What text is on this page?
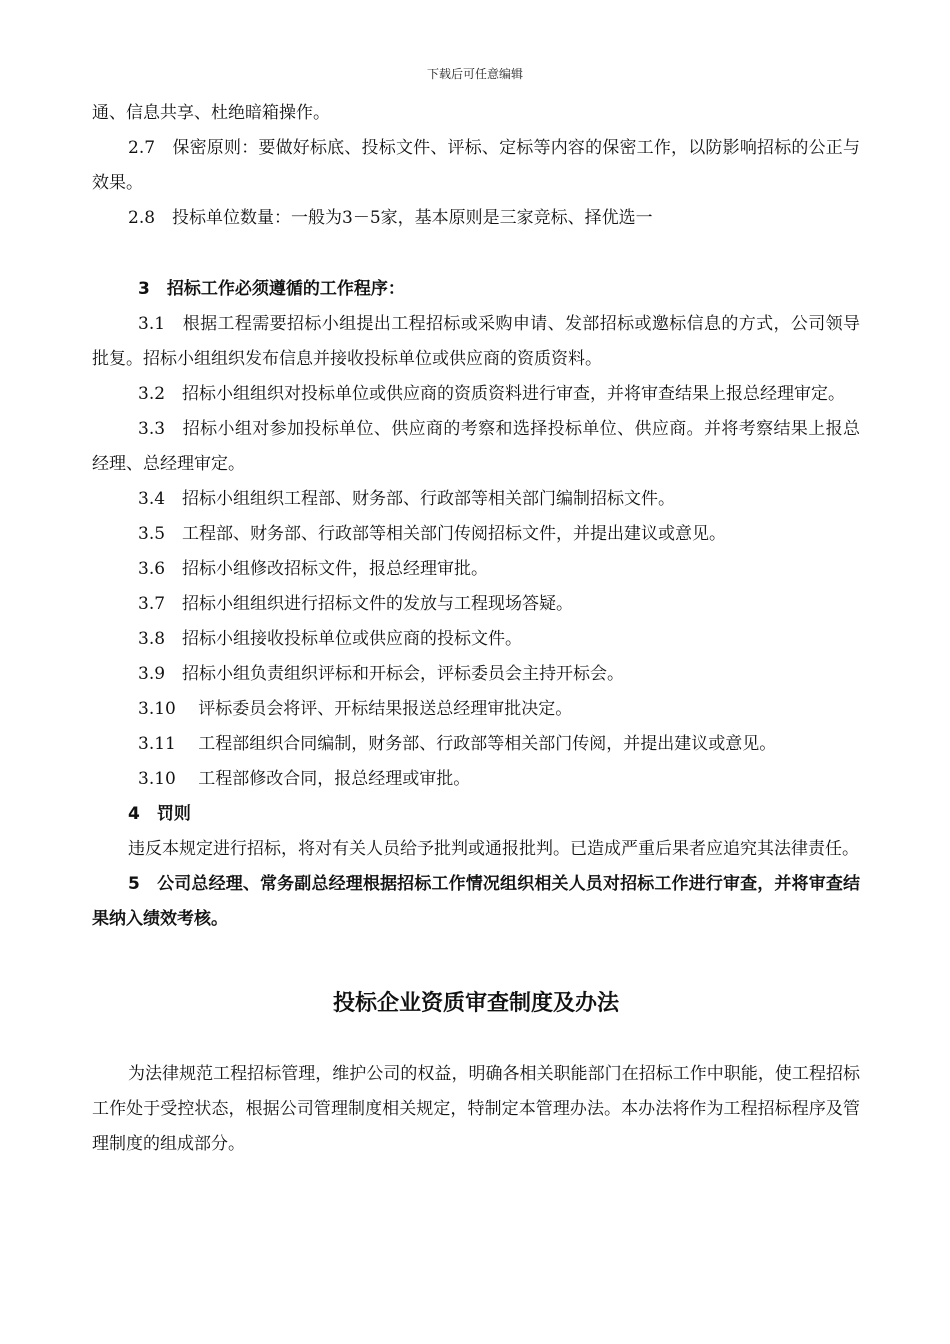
下载后可任意编辑

通、信息共享、杜绝暗箱操作。

2.7　保密原则：要做好标底、投标文件、评标、定标等内容的保密工作，以防影响招标的公正与效果。

2.8　投标单位数量：一般为3－5家，基本原则是三家竞标、择优选一

3　招标工作必须遵循的工作程序：

3.1　根据工程需要招标小组提出工程招标或采购申请、发部招标或邀标信息的方式，公司领导批复。招标小组组织发布信息并接收投标单位或供应商的资质资料。

3.2　招标小组组织对投标单位或供应商的资质资料进行审查，并将审查结果上报总经理审定。

3.3　招标小组对参加投标单位、供应商的考察和选择投标单位、供应商。并将考察结果上报总经理、总经理审定。

3.4　招标小组组织工程部、财务部、行政部等相关部门编制招标文件。

3.5　工程部、财务部、行政部等相关部门传阅招标文件，并提出建议或意见。

3.6　招标小组修改招标文件，报总经理审批。

3.7　招标小组组织进行招标文件的发放与工程现场答疑。

3.8　招标小组接收投标单位或供应商的投标文件。

3.9　招标小组负责组织评标和开标会，评标委员会主持开标会。

3.10　 评标委员会将评、开标结果报送总经理审批决定。

3.11　 工程部组织合同编制，财务部、行政部等相关部门传阅，并提出建议或意见。

3.10　 工程部修改合同，报总经理或审批。

4　罚则

违反本规定进行招标，将对有关人员给予批判或通报批判。已造成严重后果者应追究其法律责任。

5　公司总经理、常务副总经理根据招标工作情况组织相关人员对招标工作进行审查，并将审查结果纳入绩效考核。

投标企业资质审查制度及办法

为法律规范工程招标管理，维护公司的权益，明确各相关职能部门在招标工作中职能，使工程招标工作处于受控状态，根据公司管理制度相关规定，特制定本管理办法。本办法将作为工程招标程序及管理制度的组成部分。
